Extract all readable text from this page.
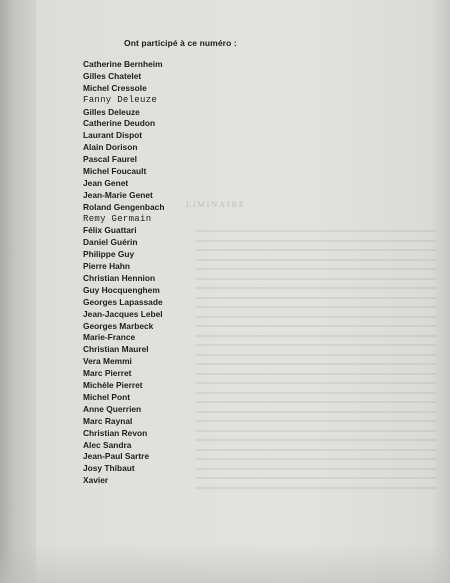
LIMINAIRE
Ont participé à ce numéro :
Catherine Bernheim
Gilles Chatelet
Michel Cressole
Fanny Deleuze
Gilles Deleuze
Catherine Deudon
Laurant Dispot
Alain Dorison
Pascal Faurel
Michel Foucault
Jean Genet
Jean-Marie Genet
Roland Gengenbach
Remy Germain
Félix Guattari
Daniel Guérin
Philippe Guy
Pierre Hahn
Christian Hennion
Guy Hocquenghem
Georges Lapassade
Jean-Jacques Lebel
Georges Marbeck
Marie-France
Christian Maurel
Vera Memmi
Marc Pierret
Michèle Pierret
Michel Pont
Anne Querrien
Marc Raynal
Christian Revon
Alec Sandra
Jean-Paul Sartre
Josy Thibaut
Xavier
